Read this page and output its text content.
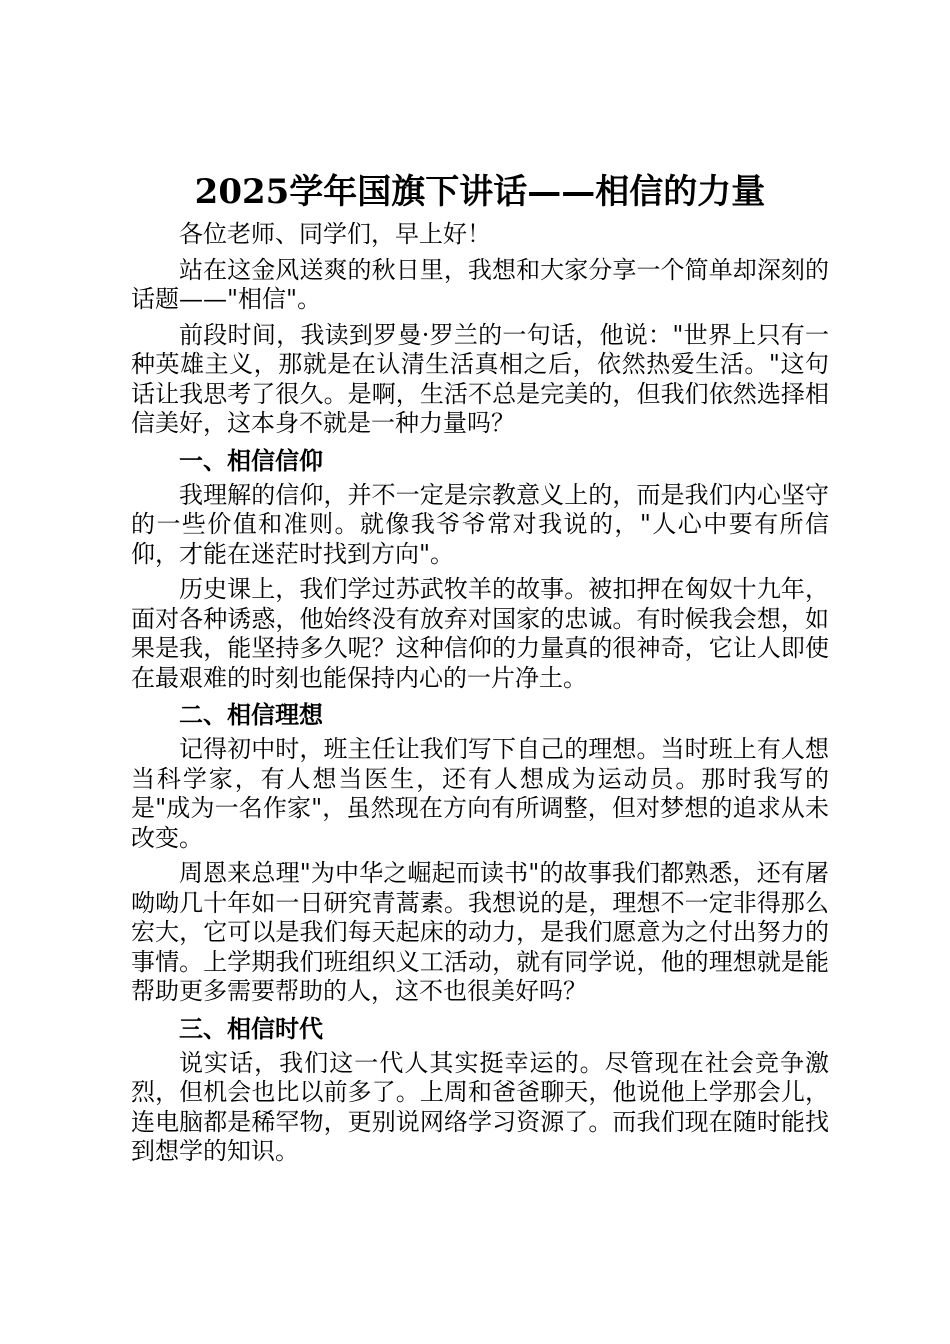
2025学年国旗下讲话——相信的力量
各位老师、同学们，早上好！
站在这金风送爽的秋日里，我想和大家分享一个简单却深刻的话题——"相信"。
前段时间，我读到罗曼·罗兰的一句话，他说："世界上只有一种英雄主义，那就是在认清生活真相之后，依然热爱生活。"这句话让我思考了很久。是啊，生活不总是完美的，但我们依然选择相信美好，这本身不就是一种力量吗？
一、相信信仰
我理解的信仰，并不一定是宗教意义上的，而是我们内心坚守的一些价值和准则。就像我爷爷常对我说的，"人心中要有所信仰，才能在迷茫时找到方向"。
历史课上，我们学过苏武牧羊的故事。被扣押在匈奴十九年，面对各种诱惑，他始终没有放弃对国家的忠诚。有时候我会想，如果是我，能坚持多久呢？这种信仰的力量真的很神奇，它让人即使在最艰难的时刻也能保持内心的一片净土。
二、相信理想
记得初中时，班主任让我们写下自己的理想。当时班上有人想当科学家，有人想当医生，还有人想成为运动员。那时我写的是"成为一名作家"，虽然现在方向有所调整，但对梦想的追求从未改变。
周恩来总理"为中华之崛起而读书"的故事我们都熟悉，还有屠呦呦几十年如一日研究青蒿素。我想说的是，理想不一定非得那么宏大，它可以是我们每天起床的动力，是我们愿意为之付出努力的事情。上学期我们班组织义工活动，就有同学说，他的理想就是能帮助更多需要帮助的人，这不也很美好吗？
三、相信时代
说实话，我们这一代人其实挺幸运的。尽管现在社会竞争激烈，但机会也比以前多了。上周和爸爸聊天，他说他上学那会儿，连电脑都是稀罕物，更别说网络学习资源了。而我们现在随时能找到想学的知识。
